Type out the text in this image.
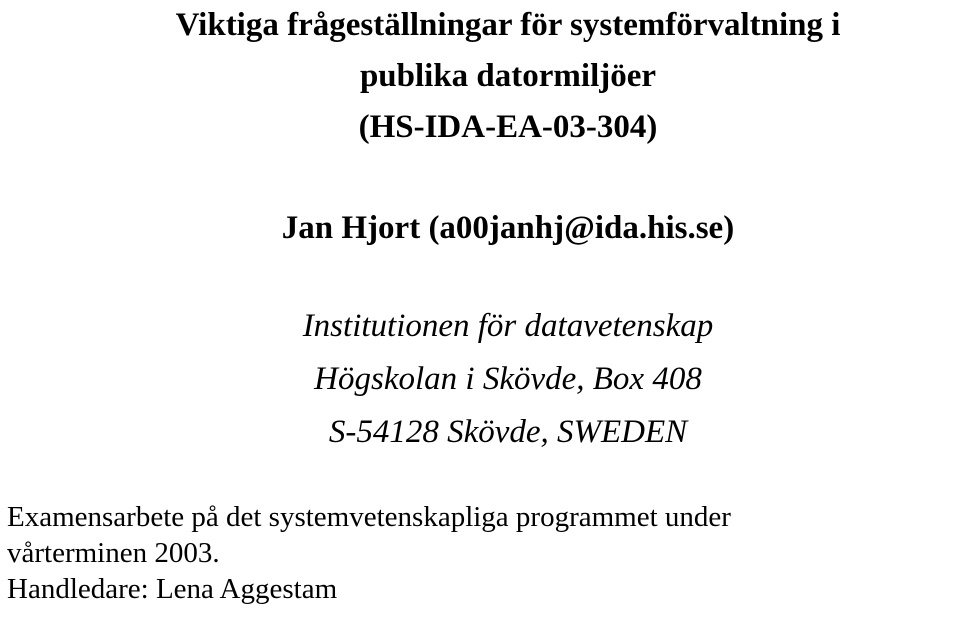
Viktiga frågeställningar för systemförvaltning i
publika datormiljöer
(HS-IDA-EA-03-304)
Jan Hjort (a00janhj@ida.his.se)
Institutionen för datavetenskap
Högskolan i Skövde, Box 408
S-54128 Skövde, SWEDEN
Examensarbete på det systemvetenskapliga programmet under
vårterminen 2003.
Handledare: Lena Aggestam
